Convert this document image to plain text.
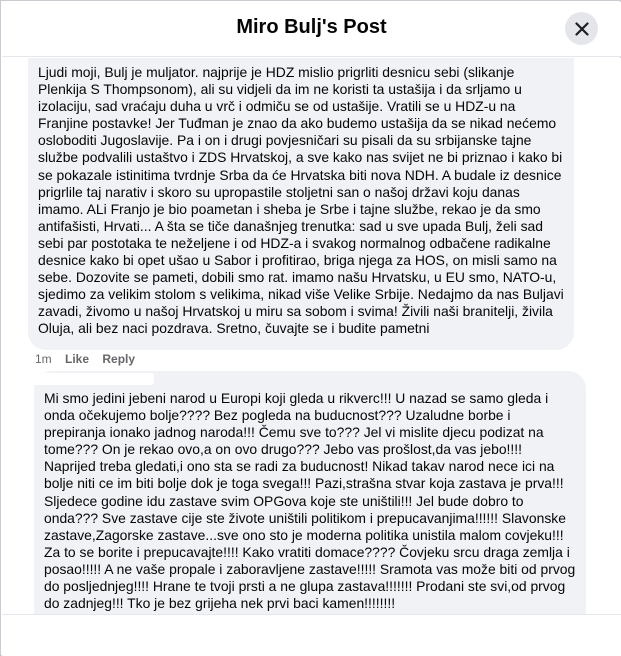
Miro Bulj's Post
Ljudi moji, Bulj je muljator. najprije je HDZ mislio prigrliti desnicu sebi (slikanje Plenkija S Thompsonom), ali su vidjeli da im ne koristi ta ustašija i da srljamo u izolaciju, sad vraćaju duha u vrč i odmiču se od ustašije. Vratili se u HDZ-u na Franjine postavke! Jer Tuđman je znao da ako budemo ustašija da se nikad nećemo osloboditi Jugoslavije. Pa i on i drugi povjesničari su pisali da su srbijanske tajne službe podvalili ustaštvo i ZDS Hrvatskoj, a sve kako nas svijet ne bi priznao i kako bi se pokazale istinitima tvrdnje Srba da će Hrvatska biti nova NDH. A budale iz desnice prigrlile taj narativ i skoro su upropastile stoljetni san o našoj državi koju danas imamo. ALi Franjo je bio poametan i sheba je Srbe i tajne službe, rekao je da smo antifašisti, Hrvati... A šta se tiče današnjeg trenutka: sad u sve upada Bulj, želi sad sebi par postotaka te neželjene i od HDZ-a i svakog normalnog odbačene radikalne desnice kako bi opet ušao u Sabor i profitirao, briga njega za HOS, on misli samo na sebe. Dozovite se pameti, dobili smo rat. imamo našu Hrvatsku, u EU smo, NATO-u, sjedimo za velikim stolom s velikima, nikad više Velike Srbije. Nedajmo da nas Buljavi zavadi, živomo u našoj Hrvatskoj u miru sa sobom i svima! Živili naši branitelji, živila Oluja, ali bez naci pozdrava. Sretno, čuvajte se i budite pametni
1m Like Reply
Mi smo jedini jebeni narod u Europi koji gleda u rikverc!!! U nazad se samo gleda i onda očekujemo bolje???? Bez pogleda na buducnost??? Uzaludne borbe i prepiranja ionako jadnog naroda!!! Čemu sve to??? Jel vi mislite djecu podizat na tome??? On je rekao ovo,a on ovo drugo??? Jebo vas prošlost,da vas jebo!!!! Naprijed treba gledati,i ono sta se radi za buducnost! Nikad takav narod nece ici na bolje niti ce im biti bolje dok je toga svega!!! Pazi,strašna stvar koja zastava je prva!!! Sljedece godine idu zastave svim OPGova koje ste uništili!!! Jel bude dobro to onda??? Sve zastave cije ste živote uništili politikom i prepucavanjima!!!!!! Slavonske zastave,Zagorske zastave...sve ono sto je moderna politika unistila malom covjeku!!! Za to se borite i prepucavajte!!!! Kako vratiti domace???? Čovjeku srcu draga zemlja i posao!!!!! A ne vaše propale i zaboravljene zastave!!!!! Sramota vas može biti od prvog do posljednjeg!!!! Hrane te tvoji prsti a ne glupa zastava!!!!!!! Prodani ste svi,od prvog do zadnjeg!!! Tko je bez grijeha nek prvi baci kamen!!!!!!!!
